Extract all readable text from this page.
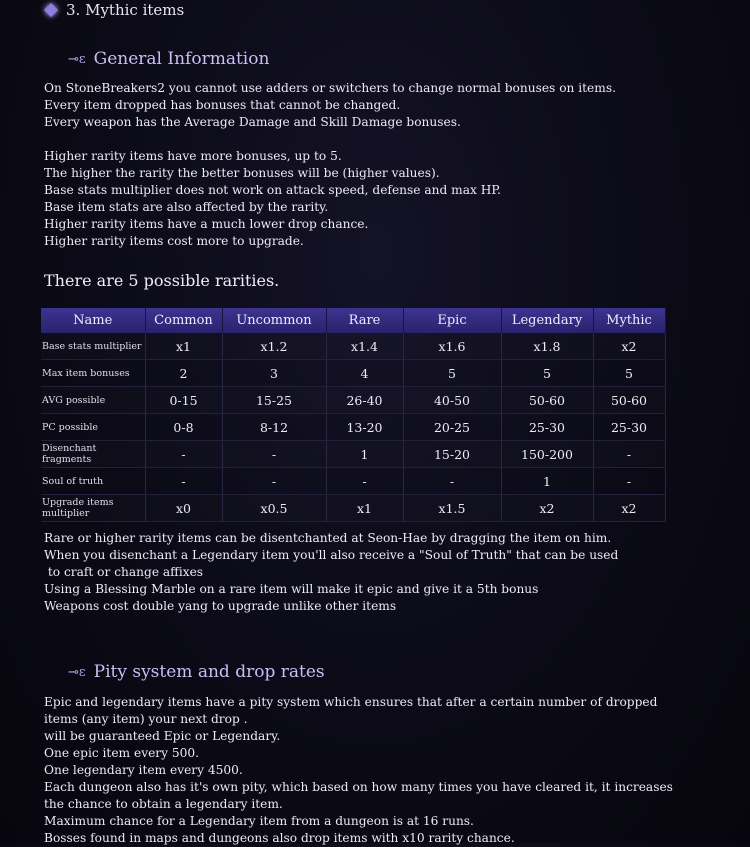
3. Mythic items
⊸ɛ General Information
On StoneBreakers2 you cannot use adders or switchers to change normal bonuses on items.
Every item dropped has bonuses that cannot be changed.
Every weapon has the Average Damage and Skill Damage bonuses.
Higher rarity items have more bonuses, up to 5.
The higher the rarity the better bonuses will be (higher values).
Base stats multiplier does not work on attack speed, defense and max HP.
Base item stats are also affected by the rarity.
Higher rarity items have a much lower drop chance.
Higher rarity items cost more to upgrade.
There are 5 possible rarities.
Name	Common	Uncommon	Rare	Epic	Legendary	Mythic
Base stats multiplier	x1	x1.2	x1.4	x1.6	x1.8	x2
Max item bonuses	2	3	4	5	5	5
AVG possible	0-15	15-25	26-40	40-50	50-60	50-60
PC possible	0-8	8-12	13-20	20-25	25-30	25-30
Disenchant fragments	-	-	1	15-20	150-200	-
Soul of truth	-	-	-	-	1	-
Upgrade items multiplier	x0	x0.5	x1	x1.5	x2	x2
Rare or higher rarity items can be disentchanted at Seon-Hae by dragging the item on him.
When you disenchant a Legendary item you'll also receive a "Soul of Truth" that can be used
to craft or change affixes
Using a Blessing Marble on a rare item will make it epic and give it a 5th bonus
Weapons cost double yang to upgrade unlike other items
⊸ɛ Pity system and drop rates
Epic and legendary items have a pity system which ensures that after a certain number of dropped
items (any item) your next drop .
will be guaranteed Epic or Legendary.
One epic item every 500.
One legendary item every 4500.
Each dungeon also has it's own pity, which based on how many times you have cleared it, it increases
the chance to obtain a legendary item.
Maximum chance for a Legendary item from a dungeon is at 16 runs.
Bosses found in maps and dungeons also drop items with x10 rarity chance.
